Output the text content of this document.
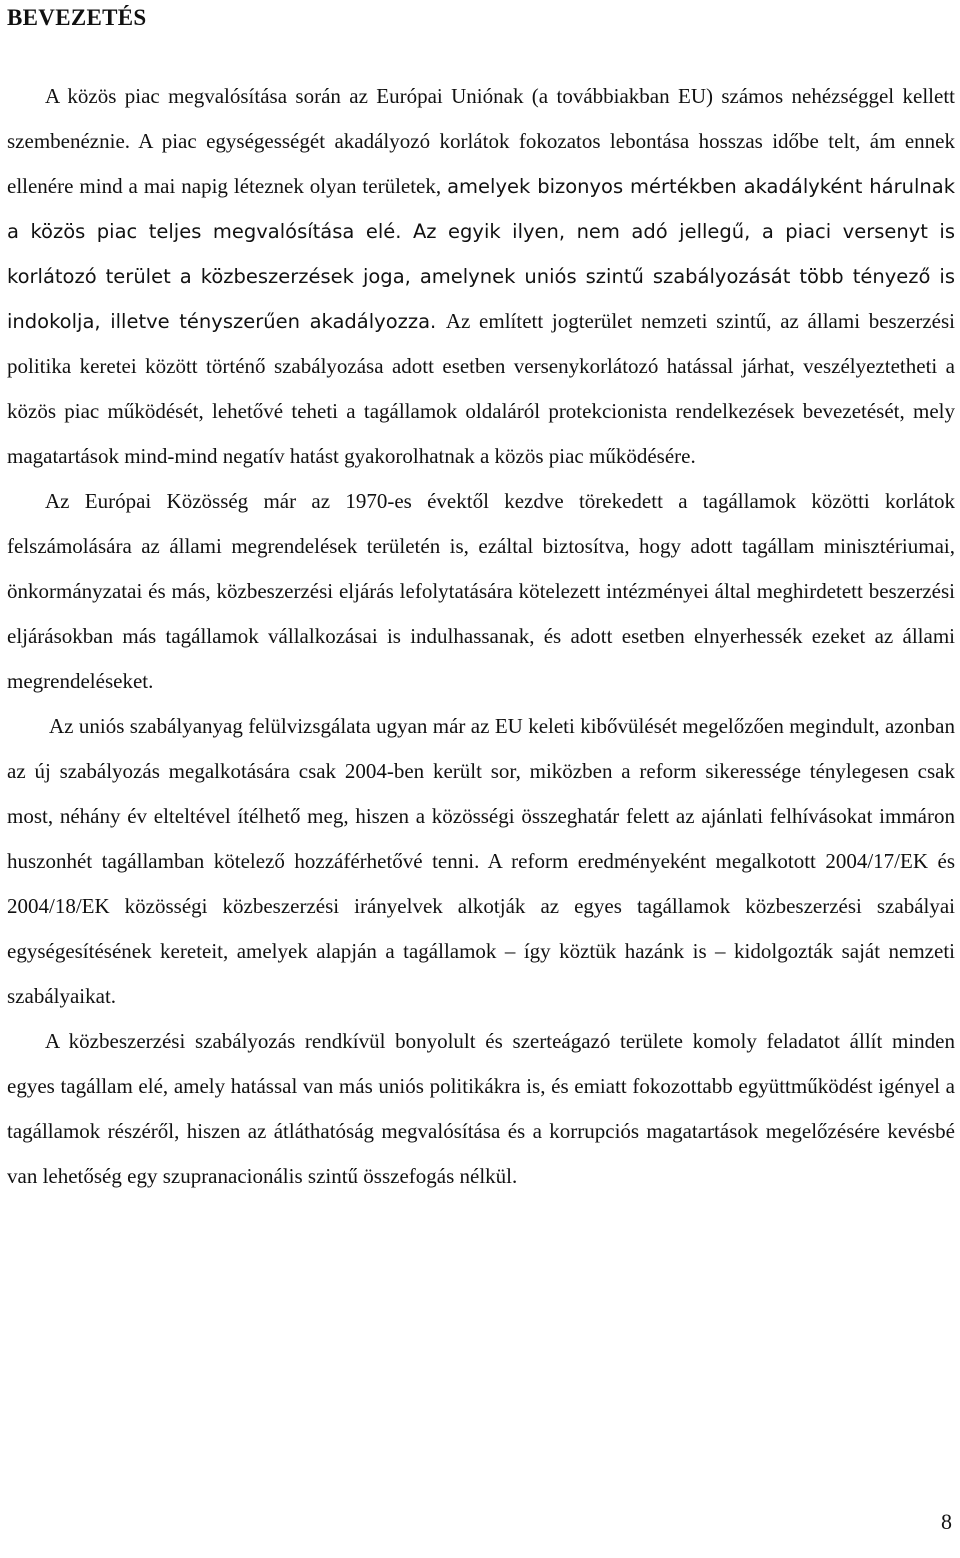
BEVEZETÉS

A közös piac megvalósítása során az Európai Uniónak (a továbbiakban EU) számos nehézséggel kellett szembenéznie. A piac egységességét akadályozó korlátok fokozatos lebontása hosszas időbe telt, ám ennek ellenére mind a mai napig léteznek olyan területek, amelyek bizonyos mértékben akadályként hárulnak a közös piac teljes megvalósítása elé. Az egyik ilyen, nem adó jellegű, a piaci versenyt is korlátozó terület a közbeszerzések joga, amelynek uniós szintű szabályozását több tényező is indokolja, illetve tényszerűen akadályozza. Az említett jogterület nemzeti szintű, az állami beszerzési politika keretei között történő szabályozása adott esetben versenykorlátozó hatással járhat, veszélyeztetheti a közös piac működését, lehetővé teheti a tagállamok oldaláról protekcionista rendelkezések bevezetését, mely magatartások mind-mind negatív hatást gyakorolhatnak a közös piac működésére.

Az Európai Közösség már az 1970-es évektől kezdve törekedett a tagállamok közötti korlátok felszámolására az állami megrendelések területén is, ezáltal biztosítva, hogy adott tagállam minisztériumai, önkormányzatai és más, közbeszerzési eljárás lefolytatására kötelezett intézményei által meghirdetett beszerzési eljárásokban más tagállamok vállalkozásai is indulhassanak, és adott esetben elnyerhessék ezeket az állami megrendeléseket.

Az uniós szabályanyag felülvizsgálata ugyan már az EU keleti kibővülését megelőzően megindult, azonban az új szabályozás megalkotására csak 2004-ben került sor, miközben a reform sikeressége ténylegesen csak most, néhány év elteltével ítélhető meg, hiszen a közösségi összeghatár felett az ajánlati felhívásokat immáron huszonhét tagállamban kötelező hozzáférhetővé tenni. A reform eredményeként megalkotott 2004/17/EK és 2004/18/EK közösségi közbeszerzési irányelvek alkotják az egyes tagállamok közbeszerzési szabályai egységesítésének kereteit, amelyek alapján a tagállamok – így köztük hazánk is – kidolgozták saját nemzeti szabályaikat.

A közbeszerzési szabályozás rendkívül bonyolult és szerteágazó területe komoly feladatot állít minden egyes tagállam elé, amely hatással van más uniós politikákra is, és emiatt fokozottabb együttműködést igényel a tagállamok részéről, hiszen az átláthatóság megvalósítása és a korrupciós magatartások megelőzésére kevésbé van lehetőség egy szupranacionális szintű összefogás nélkül.

8
